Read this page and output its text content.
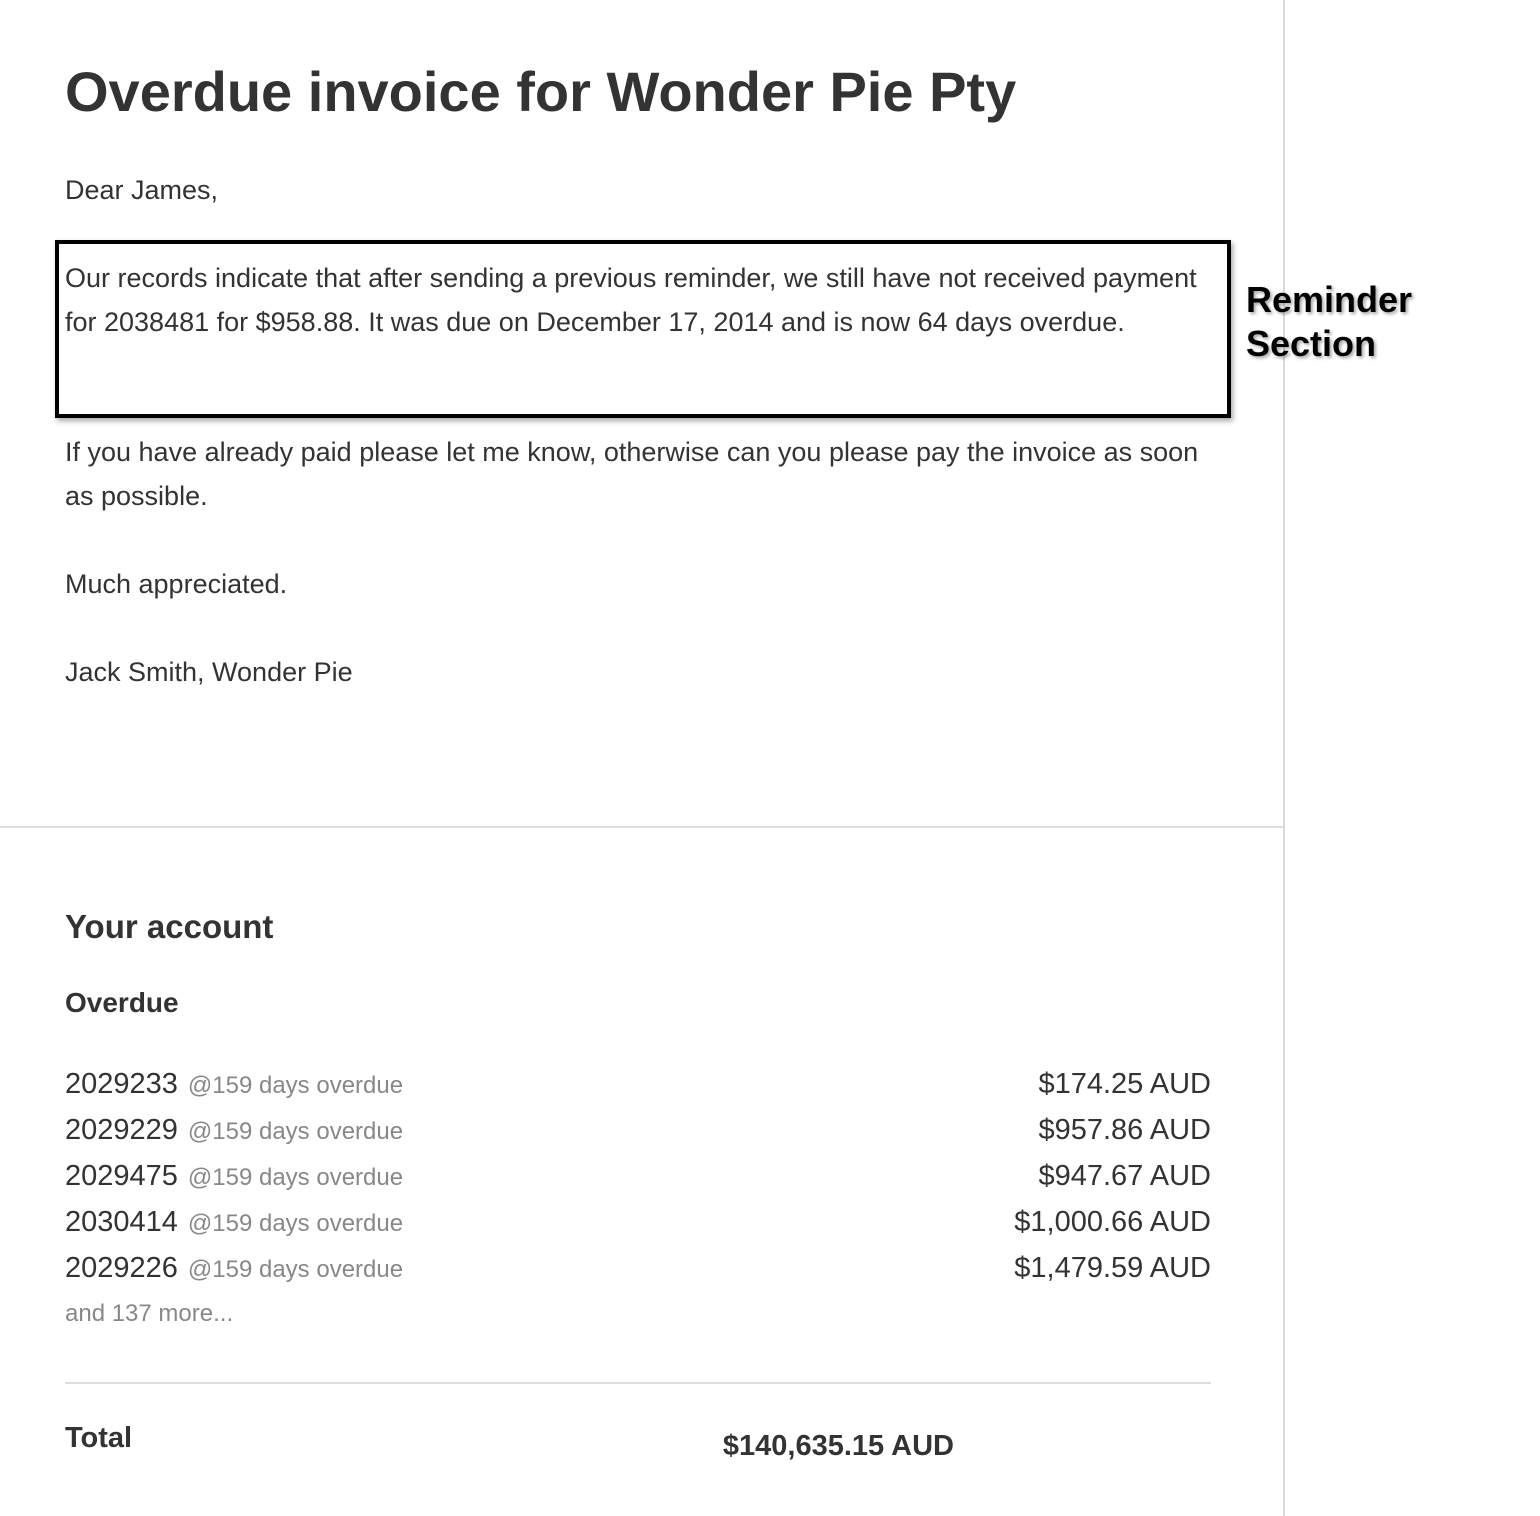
Overdue invoice for Wonder Pie Pty

Dear James,

Our records indicate that after sending a previous reminder, we still have not received payment for 2038481 for $958.88. It was due on December 17, 2014 and is now 64 days overdue.

If you have already paid please let me know, otherwise can you please pay the invoice as soon as possible.

Much appreciated.

Jack Smith, Wonder Pie

Your account
Overdue
2029233 @159 days overdue	$174.25 AUD
2029229 @159 days overdue	$957.86 AUD
2029475 @159 days overdue	$947.67 AUD
2030414 @159 days overdue	$1,000.66 AUD
2029226 @159 days overdue	$1,479.59 AUD
and 137 more...
Total	$140,635.15 AUD
Reminder
Section
